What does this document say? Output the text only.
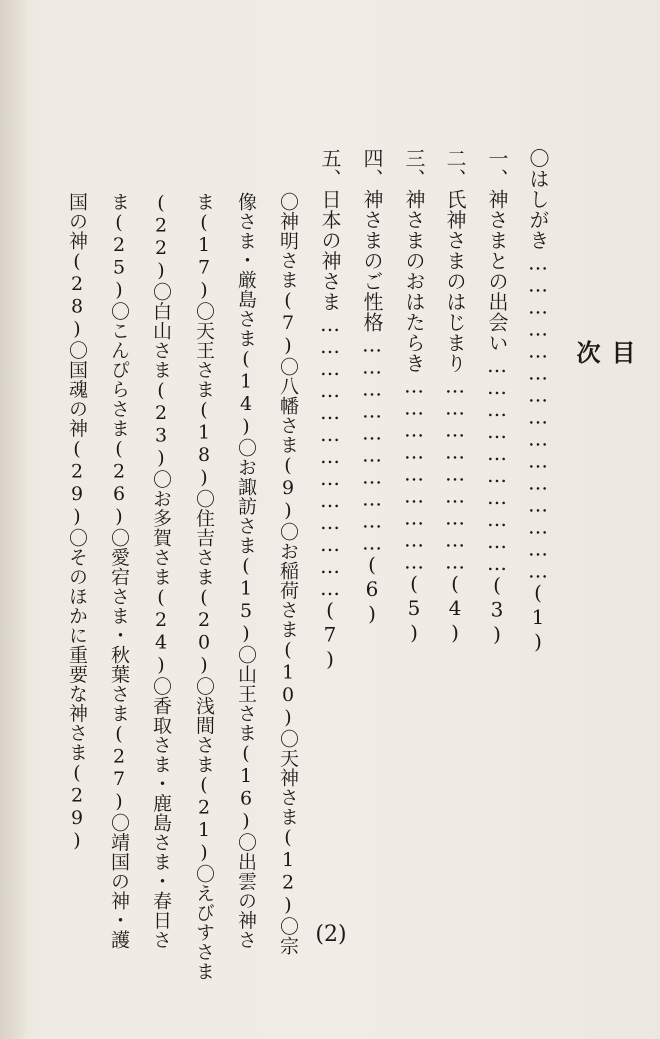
目
次
〇はしがき………………………………………(1)
一、神さまとの出会い…………………………(3)
二、氏神さまのはじまり………………………(4)
三、神さまのおはたらき………………………(5)
四、神さまのご性格…………………………(6)
五、日本の神さま…………………………………(7)
〇神明さま(7)〇八幡さま(9)〇お稲荷さま(10)〇天神さま(12)〇宗
像さま・厳島さま(14)〇お諏訪さま(15)〇山王さま(16)〇出雲の神さ
ま(17)〇天王さま(18)〇住吉さま(20)〇浅間さま(21)〇えびすさま
(22)〇白山さま(23)〇お多賀さま(24)〇香取さま・鹿島さま・春日さ
ま(25)〇こんぴらさま(26)〇愛宕さま・秋葉さま(27)〇靖国の神・護
国の神(28)〇国魂の神(29)〇そのほかに重要な神さま(29)
(2)
